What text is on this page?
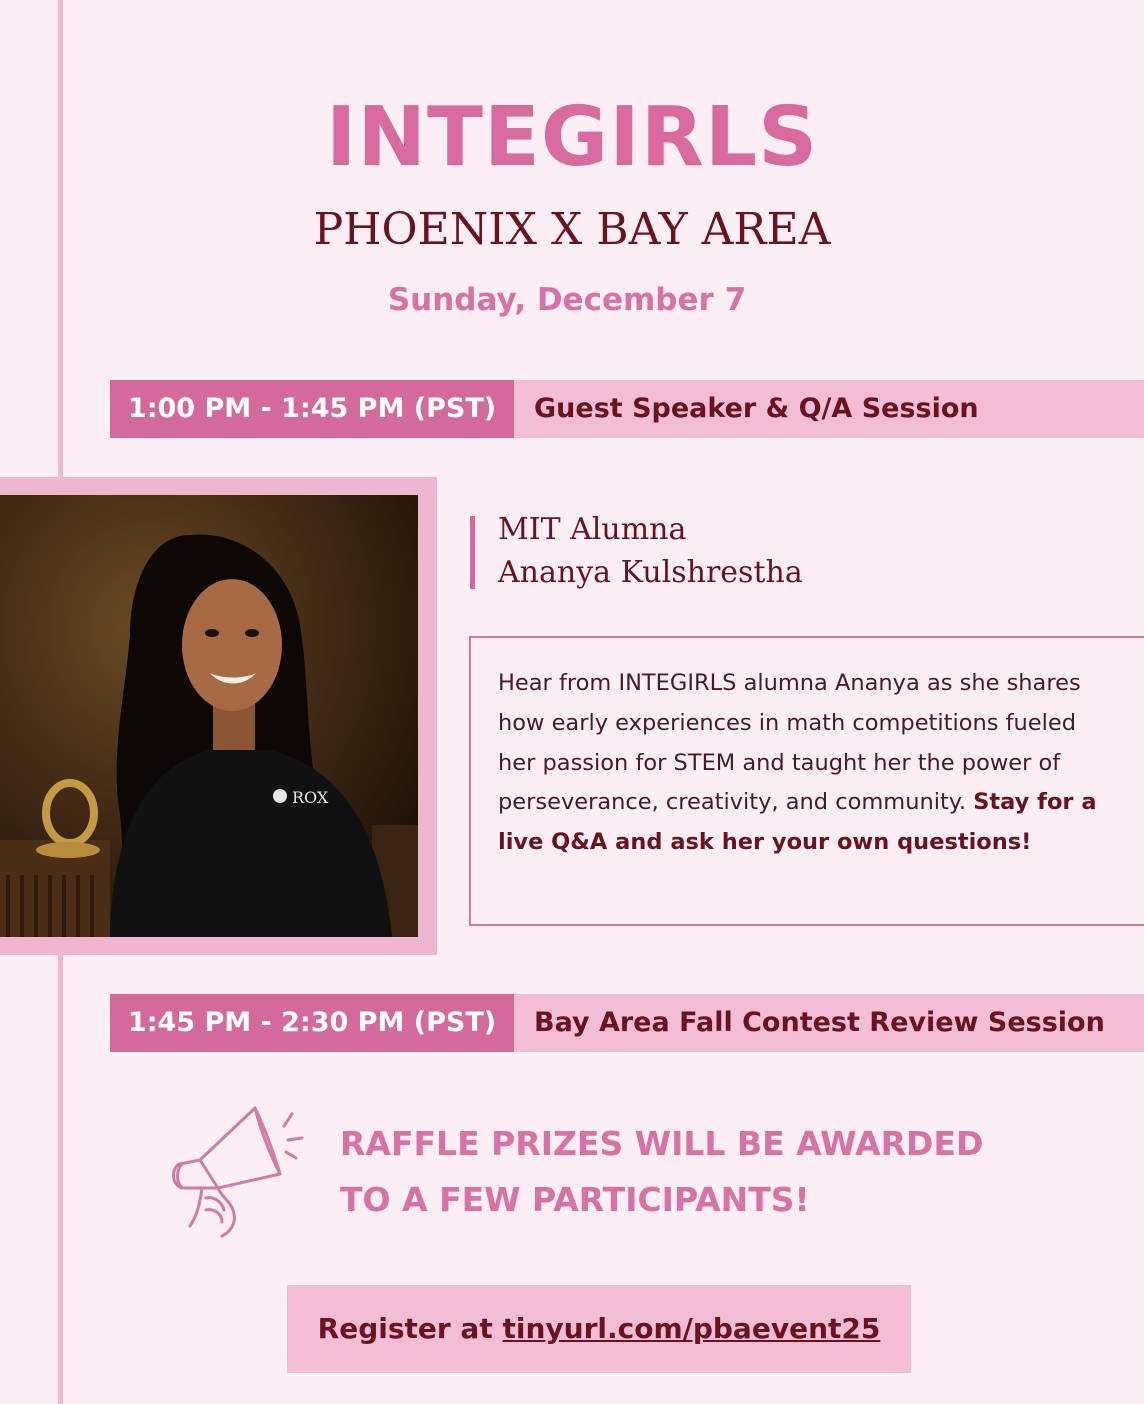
INTEGIRLS
PHOENIX X BAY AREA
Sunday, December 7
1:00 PM - 1:45 PM (PST)	Guest Speaker & Q/A Session
ROX
MIT Alumna
Ananya Kulshrestha
Hear from INTEGIRLS alumna Ananya as she shares how early experiences in math competitions fueled her passion for STEM and taught her the power of perseverance, creativity, and community. Stay for a live Q&A and ask her your own questions!
1:45 PM - 2:30 PM (PST)	Bay Area Fall Contest Review Session
RAFFLE PRIZES WILL BE AWARDED
TO A FEW PARTICIPANTS!
Register at tinyurl.com/pbaevent25
